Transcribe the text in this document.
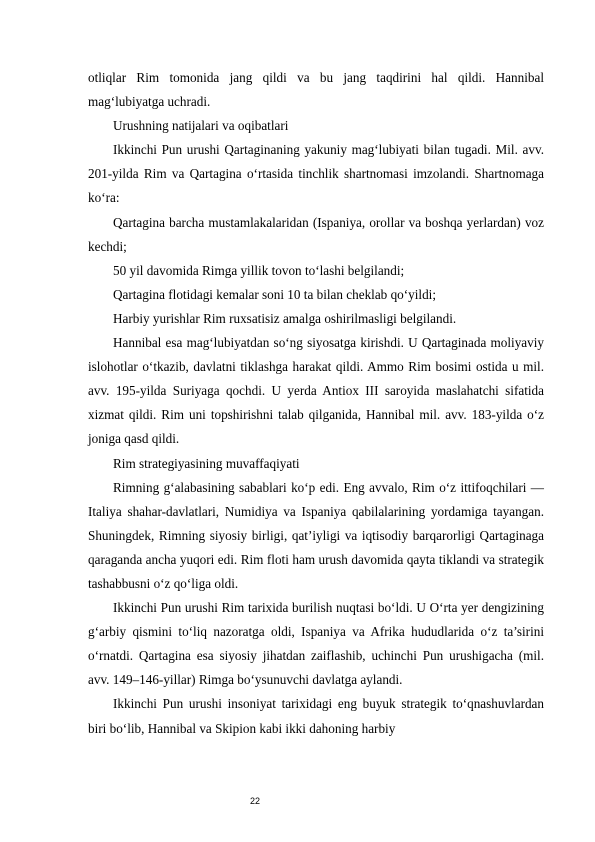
otliqlar Rim tomonida jang qildi va bu jang taqdirini hal qildi. Hannibal mag‘lubiyatga uchradi.

Urushning natijalari va oqibatlari

Ikkinchi Pun urushi Qartaginaning yakuniy mag‘lubiyati bilan tugadi. Mil. avv. 201-yilda Rim va Qartagina o‘rtasida tinchlik shartnomasi imzolandi. Shartnomaga ko‘ra:

Qartagina barcha mustamlakalaridan (Ispaniya, orollar va boshqa yerlardan) voz kechdi;

50 yil davomida Rimga yillik tovon to‘lashi belgilandi;

Qartagina flotidagi kemalar soni 10 ta bilan cheklab qo‘yildi;

Harbiy yurishlar Rim ruxsatisiz amalga oshirilmasligi belgilandi.

Hannibal esa mag‘lubiyatdan so‘ng siyosatga kirishdi. U Qartaginada moliyaviy islohotlar o‘tkazib, davlatni tiklashga harakat qildi. Ammo Rim bosimi ostida u mil. avv. 195-yilda Suriyaga qochdi. U yerda Antiox III saroyida maslahatchi sifatida xizmat qildi. Rim uni topshirishni talab qilganida, Hannibal mil. avv. 183-yilda o‘z joniga qasd qildi.

Rim strategiyasining muvaffaqiyati

Rimning g‘alabasining sabablari ko‘p edi. Eng avvalo, Rim o‘z ittifoqchilari — Italiya shahar-davlatlari, Numidiya va Ispaniya qabilalarining yordamiga tayangan. Shuningdek, Rimning siyosiy birligi, qat’iyligi va iqtisodiy barqarorligi Qartaginaga qaraganda ancha yuqori edi. Rim floti ham urush davomida qayta tiklandi va strategik tashabbusni o‘z qo‘liga oldi.

Ikkinchi Pun urushi Rim tarixida burilish nuqtasi bo‘ldi. U O‘rta yer dengizining g‘arbiy qismini to‘liq nazoratga oldi, Ispaniya va Afrika hududlarida o‘z ta’sirini o‘rnatdi. Qartagina esa siyosiy jihatdan zaiflashib, uchinchi Pun urushigacha (mil. avv. 149–146-yillar) Rimga bo‘ysunuvchi davlatga aylandi.

Ikkinchi Pun urushi insoniyat tarixidagi eng buyuk strategik to‘qnashuvlardan biri bo‘lib, Hannibal va Skipion kabi ikki dahoning harbiy

22
